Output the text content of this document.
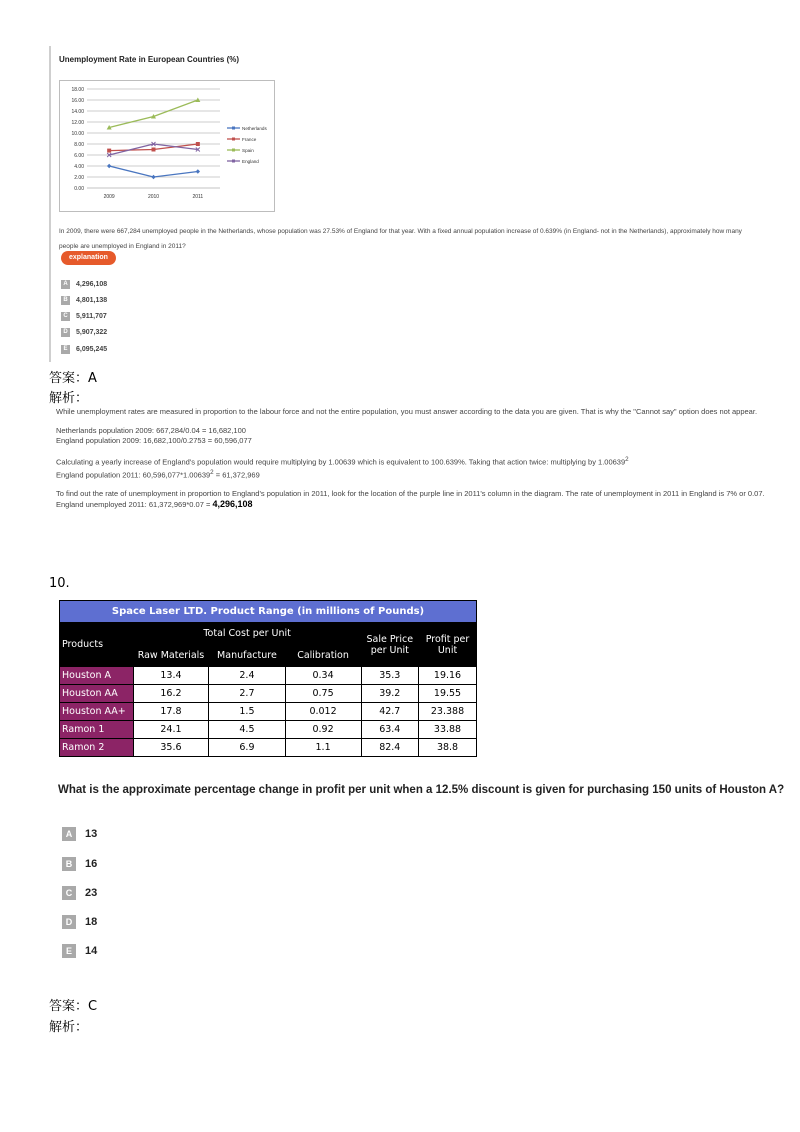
Unemployment Rate in European Countries (%)
0.00
2.00
4.00
6.00
8.00
10.00
12.00
14.00
16.00
18.00
2009	2010	2011
Netherlands
France
Spain
England
In 2009, there were 667,284 unemployed people in the Netherlands, whose population was 27.53% of England for that year. With a fixed annual population increase of 0.639% (in England- not in the Netherlands), approximately how many people are unemployed in England in 2011?
explanation
A	4,296,108
B	4,801,138
C	5,911,707
D	5,907,322
E	6,095,245
答案：A
解析：

While unemployment rates are measured in proportion to the labour force and not the entire population, you must answer according to the data you are given. That is why the "Cannot say" option does not appear.

Netherlands population 2009: 667,284/0.04 = 16,682,100
England population 2009: 16,682,100/0.2753 = 60,596,077

Calculating a yearly increase of England's population would require multiplying by 1.00639 which is equivalent to 100.639%. Taking that action twice: multiplying by 1.00639$^2$
England population 2011: $60,596,077*1.00639^2 = 61,372,969$

To find out the rate of unemployment in proportion to England's population in 2011, look for the location of the purple line in 2011's column in the diagram. The rate of unemployment in 2011 in England is 7% or 0.07.
England unemployed 2011: 61,372,969*0.07 = 4,296,108

10.
Space Laser LTD. Product Range (in millions of Pounds)					
Products	Total Cost per Unit			Sale Price per Unit	Profit per Unit
	Raw Materials	Manufacture	Calibration		
Houston A	13.4	2.4	0.34	35.3	19.16
Houston AA	16.2	2.7	0.75	39.2	19.55
Houston AA+	17.8	1.5	0.012	42.7	23.388
Ramon 1	24.1	4.5	0.92	63.4	33.88
Ramon 2	35.6	6.9	1.1	82.4	38.8
What is the approximate percentage change in profit per unit when a 12.5% discount is given for purchasing 150 units of Houston A?
A	13
B	16
C	23
D	18
E	14
答案：C
解析：
